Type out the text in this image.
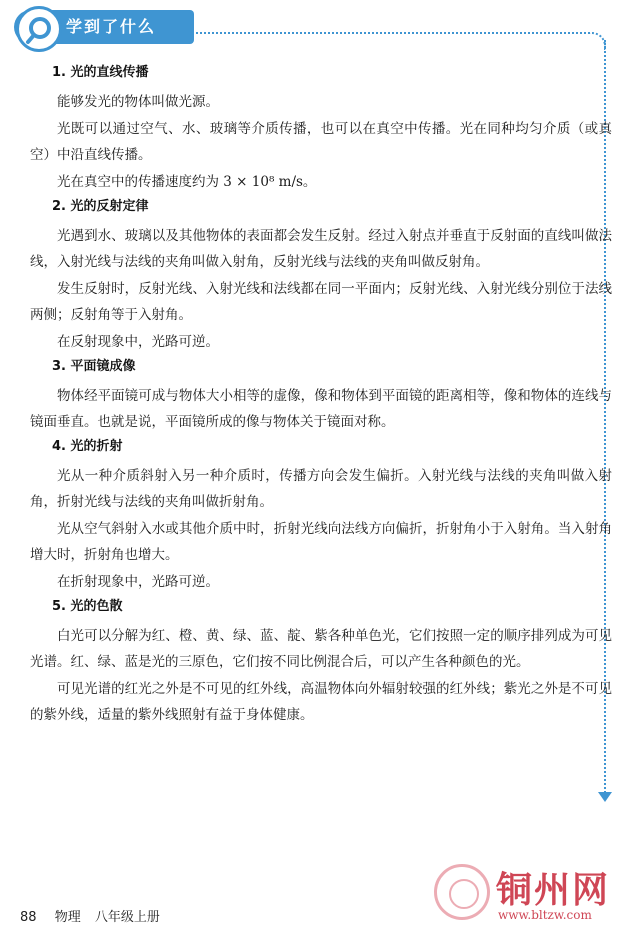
学到了什么
1. 光的直线传播

能够发光的物体叫做光源。

光既可以通过空气、水、玻璃等介质传播，也可以在真空中传播。光在同种均匀介质（或真空）中沿直线传播。

光在真空中的传播速度约为 3 × 10⁸ m/s。

2. 光的反射定律

光遇到水、玻璃以及其他物体的表面都会发生反射。经过入射点并垂直于反射面的直线叫做法线，入射光线与法线的夹角叫做入射角，反射光线与法线的夹角叫做反射角。

发生反射时，反射光线、入射光线和法线都在同一平面内；反射光线、入射光线分别位于法线两侧；反射角等于入射角。

在反射现象中，光路可逆。

3. 平面镜成像

物体经平面镜可成与物体大小相等的虚像，像和物体到平面镜的距离相等，像和物体的连线与镜面垂直。也就是说，平面镜所成的像与物体关于镜面对称。

4. 光的折射

光从一种介质斜射入另一种介质时，传播方向会发生偏折。入射光线与法线的夹角叫做入射角，折射光线与法线的夹角叫做折射角。

光从空气斜射入水或其他介质中时，折射光线向法线方向偏折，折射角小于入射角。当入射角增大时，折射角也增大。

在折射现象中，光路可逆。

5. 光的色散

白光可以分解为红、橙、黄、绿、蓝、靛、紫各种单色光，它们按照一定的顺序排列成为可见光谱。红、绿、蓝是光的三原色，它们按不同比例混合后，可以产生各种颜色的光。

可见光谱的红光之外是不可见的红外线，高温物体向外辐射较强的红外线；紫光之外是不可见的紫外线，适量的紫外线照射有益于身体健康。

88 物理 八年级上册
铜州网
www.bltzw.com
